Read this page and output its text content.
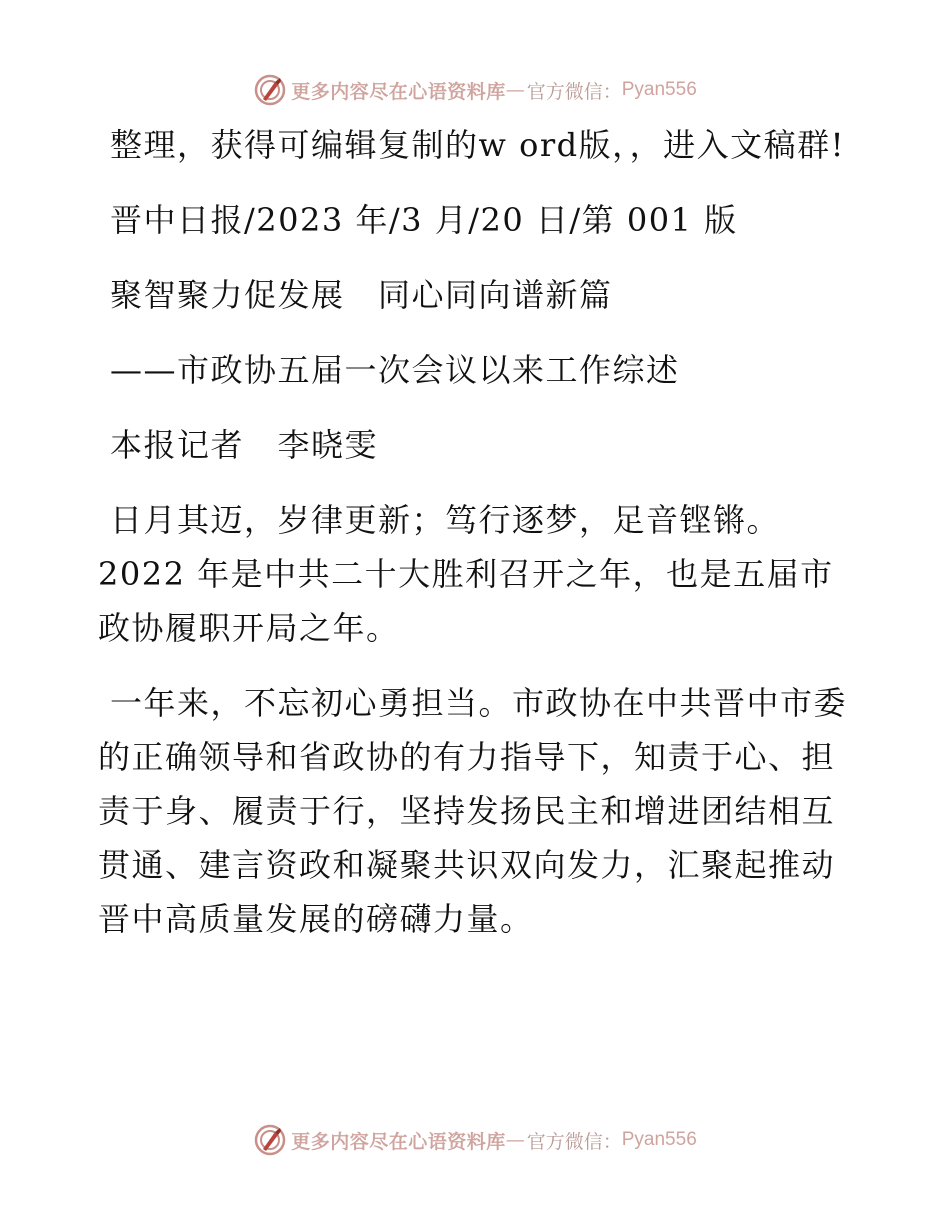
更多内容尽在心语资料库 — 官方微信： Pyan556

整理，获得可编辑复制的w ord版，，进入文稿群!

晋中日报/2023 年/3 月/20 日/第 001 版

聚智聚力促发展　同心同向谱新篇

——市政协五届一次会议以来工作综述

本报记者　李晓雯

日月其迈，岁律更新；笃行逐梦，足音铿锵。2022 年是中共二十大胜利召开之年，也是五届市政协履职开局之年。

一年来，不忘初心勇担当。市政协在中共晋中市委的正确领导和省政协的有力指导下，知责于心、担责于身、履责于行，坚持发扬民主和增进团结相互贯通、建言资政和凝聚共识双向发力，汇聚起推动晋中高质量发展的磅礴力量。

更多内容尽在心语资料库 — 官方微信： Pyan556
